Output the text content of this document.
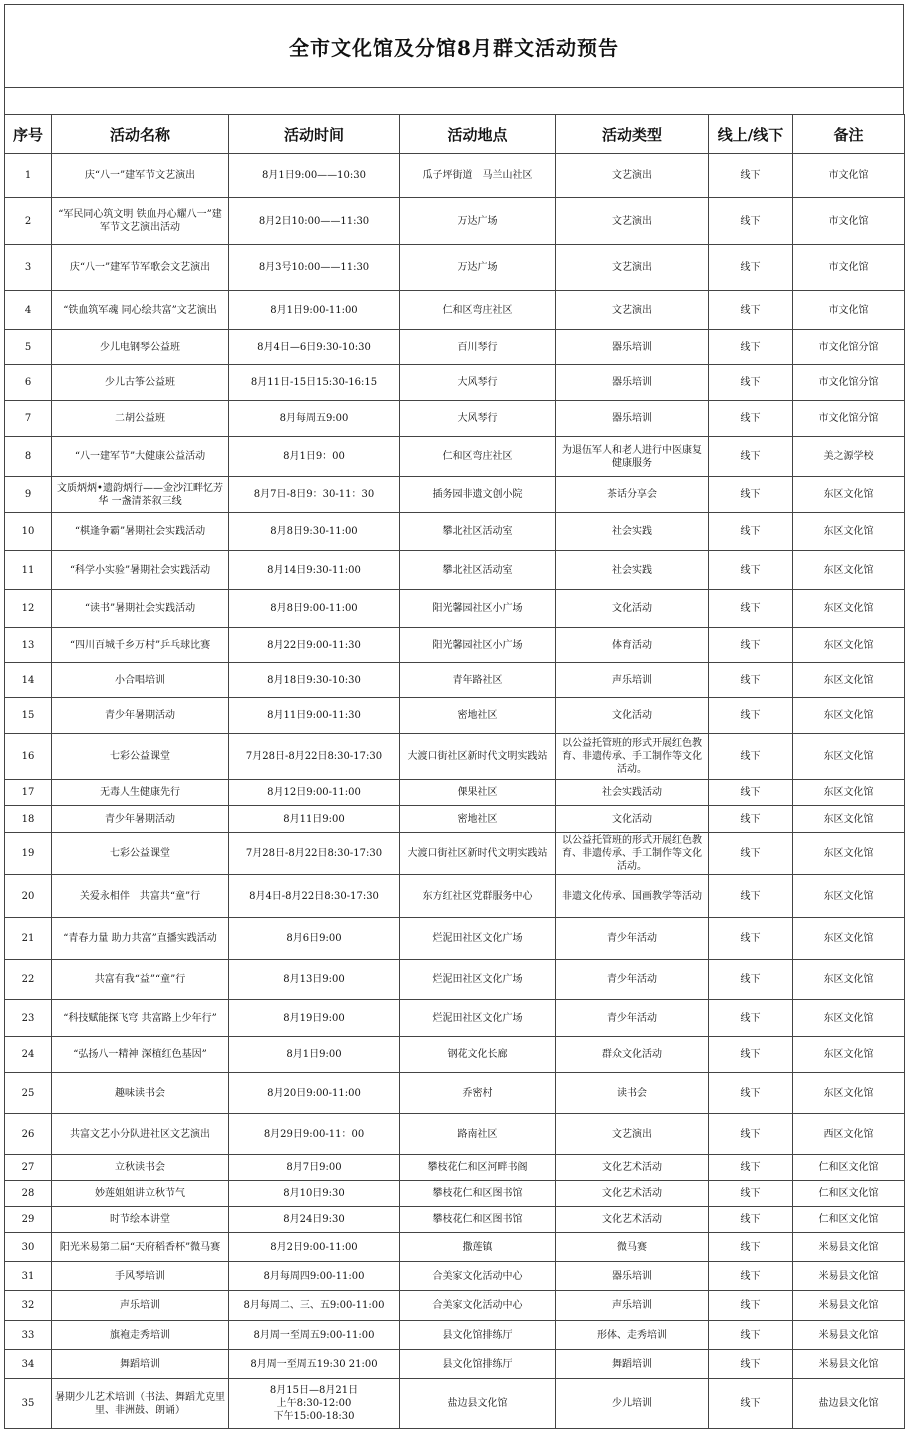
全市文化馆及分馆8月群文活动预告
序号	活动名称	活动时间	活动地点	活动类型	线上/线下	备注
1	庆“八一”建军节文艺演出	8月1日9:00——10:30	瓜子坪街道　马兰山社区	文艺演出	线下	市文化馆
2	“军民同心筑文明 铁血丹心耀八一”建军节文艺演出活动	8月2日10:00——11:30	万达广场	文艺演出	线下	市文化馆
3	庆“八一”建军节军歌会文艺演出	8月3号10:00——11:30	万达广场	文艺演出	线下	市文化馆
4	“铁血筑军魂 同心绘共富”文艺演出	8月1日9:00-11:00	仁和区弯庄社区	文艺演出	线下	市文化馆
5	少儿电钢琴公益班	8月4日—6日9:30-10:30	百川琴行	器乐培训	线下	市文化馆分馆
6	少儿古筝公益班	8月11日-15日15:30-16:15	大风琴行	器乐培训	线下	市文化馆分馆
7	二胡公益班	8月每周五9:00	大风琴行	器乐培训	线下	市文化馆分馆
8	“八一建军节”大健康公益活动	8月1日9：00	仁和区弯庄社区	为退伍军人和老人进行中医康复健康服务	线下	美之源学校
9	文质炳炳•遗韵炳行——金沙江畔忆芳华 一盏清茶叙三线	8月7日-8日9：30-11：30	插务园非遗文创小院	茶话分享会	线下	东区文化馆
10	“棋逢争霸”暑期社会实践活动	8月8日9:30-11:00	攀北社区活动室	社会实践	线下	东区文化馆
11	“科学小实验”暑期社会实践活动	8月14日9:30-11:00	攀北社区活动室	社会实践	线下	东区文化馆
12	“读书”暑期社会实践活动	8月8日9:00-11:00	阳光馨园社区小广场	文化活动	线下	东区文化馆
13	“四川百城千乡万村”乒乓球比赛	8月22日9:00-11:30	阳光馨园社区小广场	体育活动	线下	东区文化馆
14	小合唱培训	8月18日9:30-10:30	青年路社区	声乐培训	线下	东区文化馆
15	青少年暑期活动	8月11日9:00-11:30	密地社区	文化活动	线下	东区文化馆
16	七彩公益课堂	7月28日-8月22日8:30-17:30	大渡口街社区新时代文明实践站	以公益托管班的形式开展红色教育、非遗传承、手工制作等文化活动。	线下	东区文化馆
17	无毒人生健康先行	8月12日9:00-11:00	倮果社区	社会实践活动	线下	东区文化馆
18	青少年暑期活动	8月11日9:00	密地社区	文化活动	线下	东区文化馆
19	七彩公益课堂	7月28日-8月22日8:30-17:30	大渡口街社区新时代文明实践站	以公益托管班的形式开展红色教育、非遗传承、手工制作等文化活动。	线下	东区文化馆
20	关爱永相伴　共富共“童”行	8月4日-8月22日8:30-17:30	东方红社区党群服务中心	非遗文化传承、国画教学等活动	线下	东区文化馆
21	“青春力量 助力共富”直播实践活动	8月6日9:00	烂泥田社区文化广场	青少年活动	线下	东区文化馆
22	共富有我“益”“童”行	8月13日9:00	烂泥田社区文化广场	青少年活动	线下	东区文化馆
23	“科技赋能探飞穹 共富路上少年行”	8月19日9:00	烂泥田社区文化广场	青少年活动	线下	东区文化馆
24	“弘扬八一精神 深植红色基因”	8月1日9:00	钢花文化长廊	群众文化活动	线下	东区文化馆
25	趣味读书会	8月20日9:00-11:00	乔密村	读书会	线下	东区文化馆
26	共富文艺小分队进社区文艺演出	8月29日9:00-11：00	路南社区	文艺演出	线下	西区文化馆
27	立秋读书会	8月7日9:00	攀枝花仁和区河畔书阁	文化艺术活动	线下	仁和区文化馆
28	妙莲姐姐讲立秋节气	8月10日9:30	攀枝花仁和区图书馆	文化艺术活动	线下	仁和区文化馆
29	时节绘本讲堂	8月24日9:30	攀枝花仁和区图书馆	文化艺术活动	线下	仁和区文化馆
30	阳光米易第二届“天府稻香杯”微马赛	8月2日9:00-11:00	撒莲镇	微马赛	线下	米易县文化馆
31	手风琴培训	8月每周四9:00-11:00	合美家文化活动中心	器乐培训	线下	米易县文化馆
32	声乐培训	8月每周二、三、五9:00-11:00	合美家文化活动中心	声乐培训	线下	米易县文化馆
33	旗袍走秀培训	8月周一至周五9:00-11:00	县文化馆排练厅	形体、走秀培训	线下	米易县文化馆
34	舞蹈培训	8月周一至周五19:30 21:00	县文化馆排练厅	舞蹈培训	线下	米易县文化馆
35	暑期少儿艺术培训（书法、舞蹈尤克里里、非洲鼓、朗诵）	8月15日—8月21日
上午8:30-12:00
下午15:00-18:30	盐边县文化馆	少儿培训	线下	盐边县文化馆
